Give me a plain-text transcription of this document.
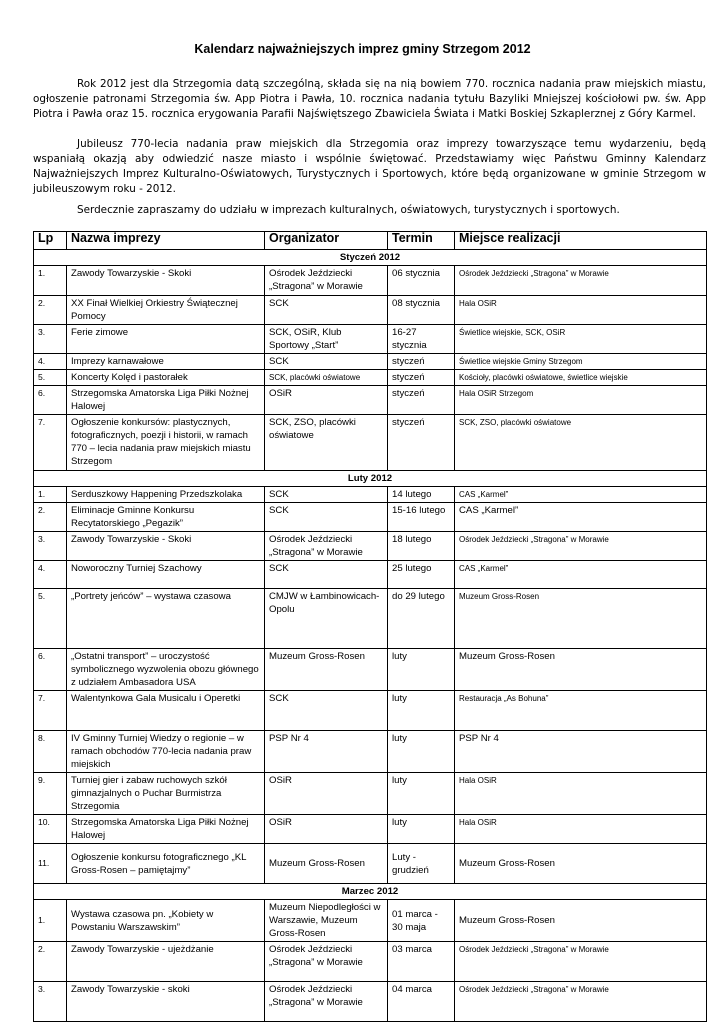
Kalendarz najważniejszych imprez gminy Strzegom 2012

Rok 2012 jest dla Strzegomia datą szczególną, składa się na nią bowiem 770. rocznica nadania praw miejskich miastu, ogłoszenie patronami Strzegomia św. App Piotra i Pawła, 10. rocznica nadania tytułu Bazyliki Mniejszej kościołowi pw. św. App Piotra i Pawła oraz 15. rocznica erygowania Parafii Najświętszego Zbawiciela Świata i Matki Boskiej Szkaplerznej z Góry Karmel.

Jubileusz 770-lecia nadania praw miejskich dla Strzegomia oraz imprezy towarzyszące temu wydarzeniu, będą wspaniałą okazją aby odwiedzić nasze miasto i wspólnie świętować. Przedstawiamy więc Państwu Gminny Kalendarz Najważniejszych Imprez Kulturalno-Oświatowych, Turystycznych i Sportowych, które będą organizowane w gminie Strzegom w jubileuszowym roku - 2012.

Serdecznie zapraszamy do udziału w imprezach kulturalnych, oświatowych, turystycznych i sportowych.

Lp	Nazwa imprezy	Organizator	Termin	Miejsce realizacji
Styczeń 2012				
1.	Zawody Towarzyskie - Skoki	Ośrodek Jeździecki „Stragona” w Morawie	06 stycznia	Ośrodek Jeździecki „Stragona” w Morawie
2.	XX Finał Wielkiej Orkiestry Świątecznej Pomocy	SCK	08 stycznia	Hala OSiR
3.	Ferie zimowe	SCK, OSiR, Klub Sportowy „Start”	16-27 stycznia	Świetlice wiejskie, SCK, OSiR
4.	Imprezy karnawałowe	SCK	styczeń	Świetlice wiejskie Gminy Strzegom
5.	Koncerty Kolęd i pastorałek	SCK, placówki oświatowe	styczeń	Kościoły, placówki oświatowe, świetlice wiejskie
6.	Strzegomska Amatorska Liga Piłki Nożnej Halowej	OSiR	styczeń	Hala OSiR Strzegom
7.	Ogłoszenie konkursów: plastycznych, fotograficznych, poezji i historii, w ramach 770 – lecia nadania praw miejskich miastu Strzegom	SCK, ZSO, placówki oświatowe	styczeń	SCK, ZSO, placówki oświatowe
Luty 2012				
1.	Serduszkowy Happening Przedszkolaka	SCK	14 lutego	CAS „Karmel”
2.	Eliminacje Gminne Konkursu Recytatorskiego „Pegazik”	SCK	15-16 lutego	CAS „Karmel”
3.	Zawody Towarzyskie - Skoki	Ośrodek Jeździecki „Stragona” w Morawie	18 lutego	Ośrodek Jeździecki „Stragona” w Morawie
4.	Noworoczny Turniej Szachowy	SCK	25 lutego	CAS „Karmel”
5.	„Portrety jeńców” – wystawa czasowa	CMJW w Łambinowicach-Opolu	do 29 lutego	Muzeum Gross-Rosen
6.	„Ostatni transport” – uroczystość symbolicznego wyzwolenia obozu głównego z udziałem Ambasadora USA	Muzeum Gross-Rosen	luty	Muzeum Gross-Rosen
7.	Walentynkowa Gala Musicalu i Operetki	SCK	luty	Restauracja „As Bohuna”
8.	IV Gminny Turniej Wiedzy o regionie – w ramach obchodów 770-lecia nadania praw miejskich	PSP Nr 4	luty	PSP Nr 4
9.	Turniej gier i zabaw ruchowych szkół gimnazjalnych o Puchar Burmistrza Strzegomia	OSiR	luty	Hala OSiR
10.	Strzegomska Amatorska Liga Piłki Nożnej Halowej	OSiR	luty	Hala OSiR
11.	Ogłoszenie konkursu fotograficznego „KL Gross-Rosen – pamiętajmy”	Muzeum Gross-Rosen	Luty - grudzień	Muzeum Gross-Rosen
Marzec 2012				
1.	Wystawa czasowa pn. „Kobiety w Powstaniu Warszawskim”	Muzeum Niepodległości w Warszawie, Muzeum Gross-Rosen	01 marca - 30 maja	Muzeum Gross-Rosen
2.	Zawody Towarzyskie - ujeżdżanie	Ośrodek Jeździecki „Stragona” w Morawie	03 marca	Ośrodek Jeździecki „Stragona” w Morawie
3.	Zawody Towarzyskie - skoki	Ośrodek Jeździecki „Stragona” w Morawie	04 marca	Ośrodek Jeździecki „Stragona” w Morawie
